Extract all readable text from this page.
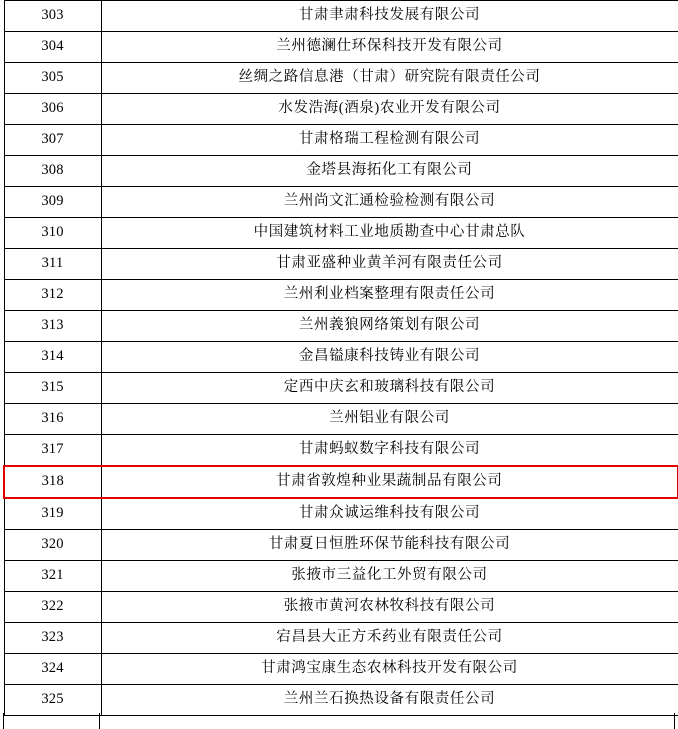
303	甘肃聿肃科技发展有限公司
304	兰州德澜仕环保科技开发有限公司
305	丝绸之路信息港（甘肃）研究院有限责任公司
306	水发浩海(酒泉)农业开发有限公司
307	甘肃格瑞工程检测有限公司
308	金塔县海拓化工有限公司
309	兰州尚文汇通检验检测有限公司
310	中国建筑材料工业地质勘查中心甘肃总队
311	甘肃亚盛种业黄羊河有限责任公司
312	兰州利业档案整理有限责任公司
313	兰州義狼网络策划有限公司
314	金昌镒康科技铸业有限公司
315	定西中庆玄和玻璃科技有限公司
316	兰州铝业有限公司
317	甘肃蚂蚁数字科技有限公司
318	甘肃省敦煌种业果蔬制品有限公司
319	甘肃众诚运维科技有限公司
320	甘肃夏日恒胜环保节能科技有限公司
321	张掖市三益化工外贸有限公司
322	张掖市黄河农林牧科技有限公司
323	宕昌县大正方禾药业有限责任公司
324	甘肃鸿宝康生态农林科技开发有限公司
325	兰州兰石换热设备有限责任公司
